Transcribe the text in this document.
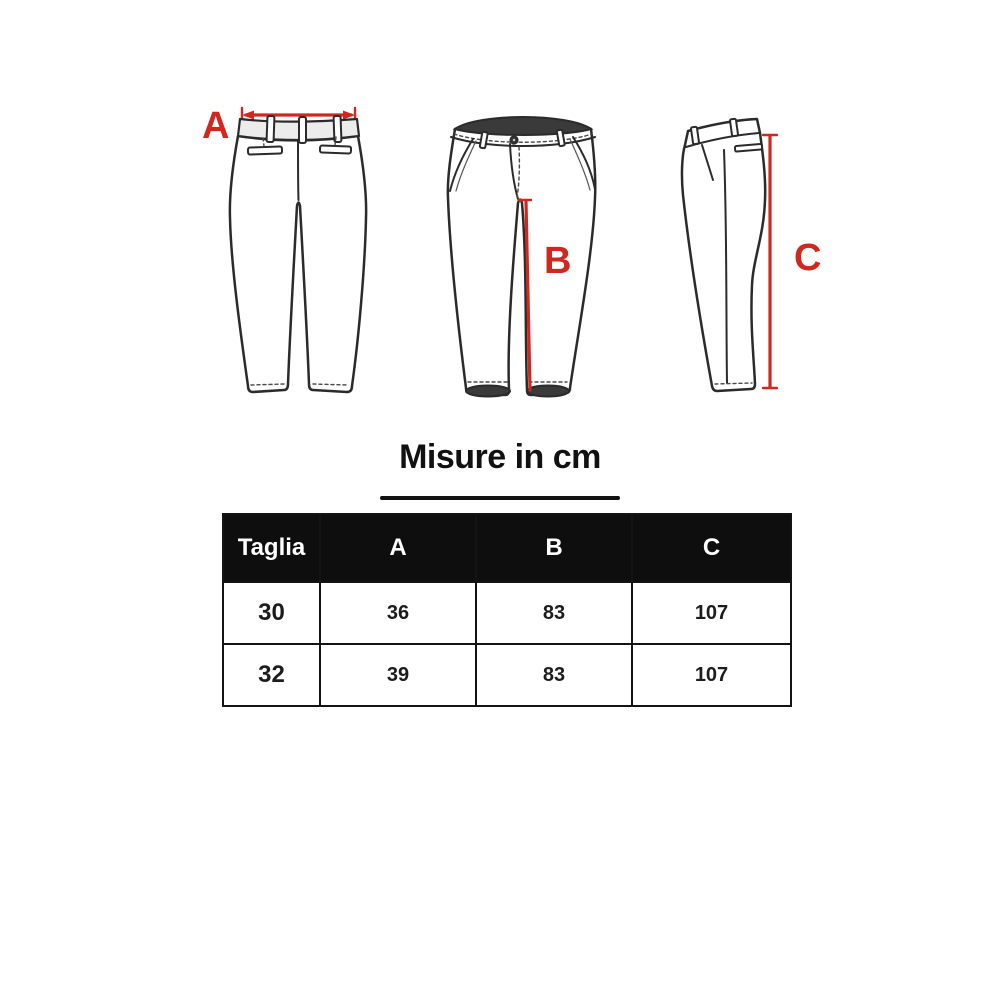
A
B	C
Misure in cm
Taglia	A	B	C
30	36	83	107
32	39	83	107
